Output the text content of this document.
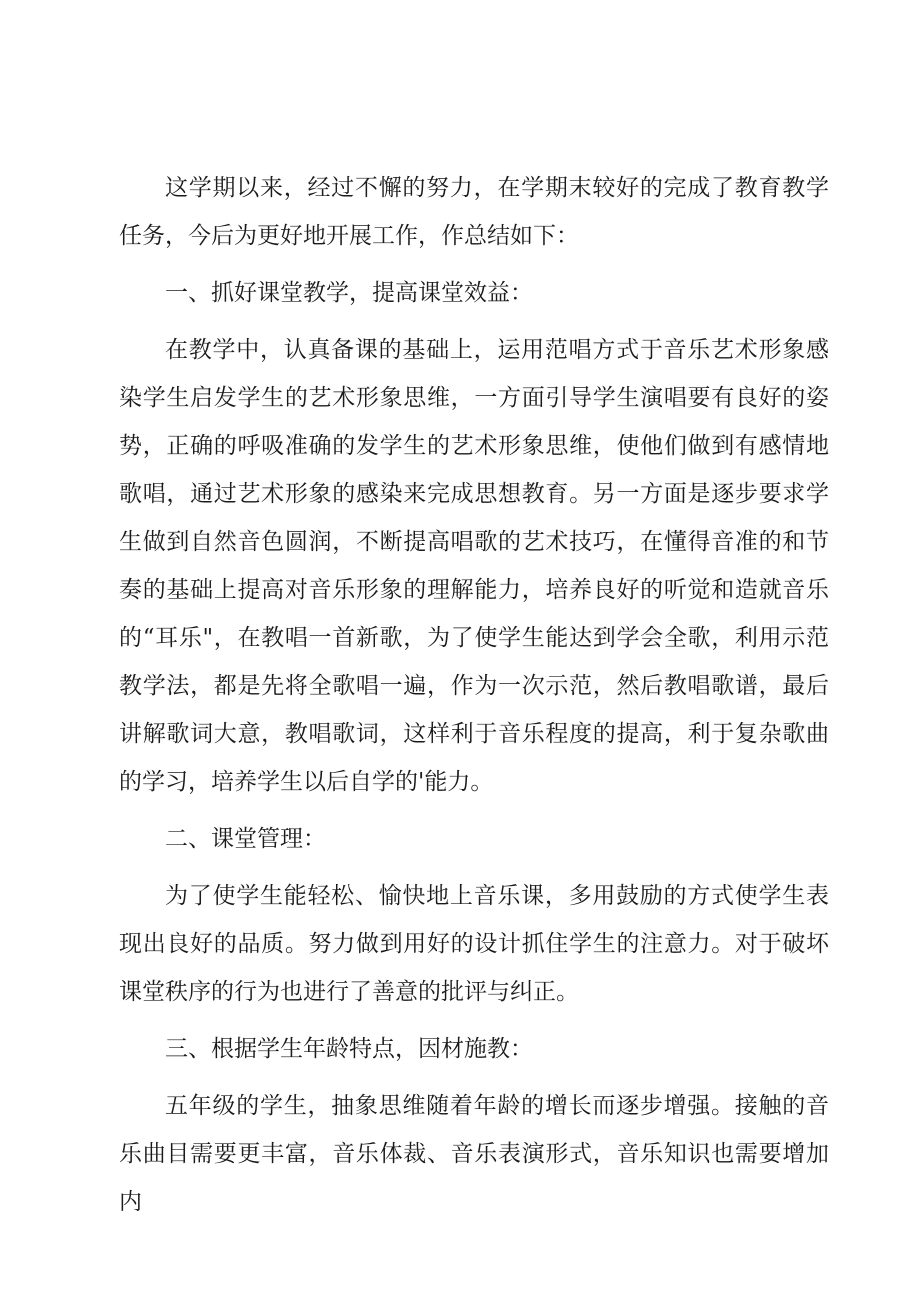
这学期以来，经过不懈的努力，在学期末较好的完成了教育教学任务，今后为更好地开展工作，作总结如下：

一、抓好课堂教学，提高课堂效益：

在教学中，认真备课的基础上，运用范唱方式于音乐艺术形象感染学生启发学生的艺术形象思维，一方面引导学生演唱要有良好的姿势，正确的呼吸准确的发学生的艺术形象思维，使他们做到有感情地歌唱，通过艺术形象的感染来完成思想教育。另一方面是逐步要求学生做到自然音色圆润，不断提高唱歌的艺术技巧，在懂得音准的和节奏的基础上提高对音乐形象的理解能力，培养良好的听觉和造就音乐的“耳乐"，在教唱一首新歌，为了使学生能达到学会全歌，利用示范教学法，都是先将全歌唱一遍，作为一次示范，然后教唱歌谱，最后讲解歌词大意，教唱歌词，这样利于音乐程度的提高，利于复杂歌曲的学习，培养学生以后自学的'能力。

二、课堂管理：

为了使学生能轻松、愉快地上音乐课，多用鼓励的方式使学生表现出良好的品质。努力做到用好的设计抓住学生的注意力。对于破坏课堂秩序的行为也进行了善意的批评与纠正。

三、根据学生年龄特点，因材施教：

五年级的学生，抽象思维随着年龄的增长而逐步增强。接触的音乐曲目需要更丰富，音乐体裁、音乐表演形式，音乐知识也需要增加内
